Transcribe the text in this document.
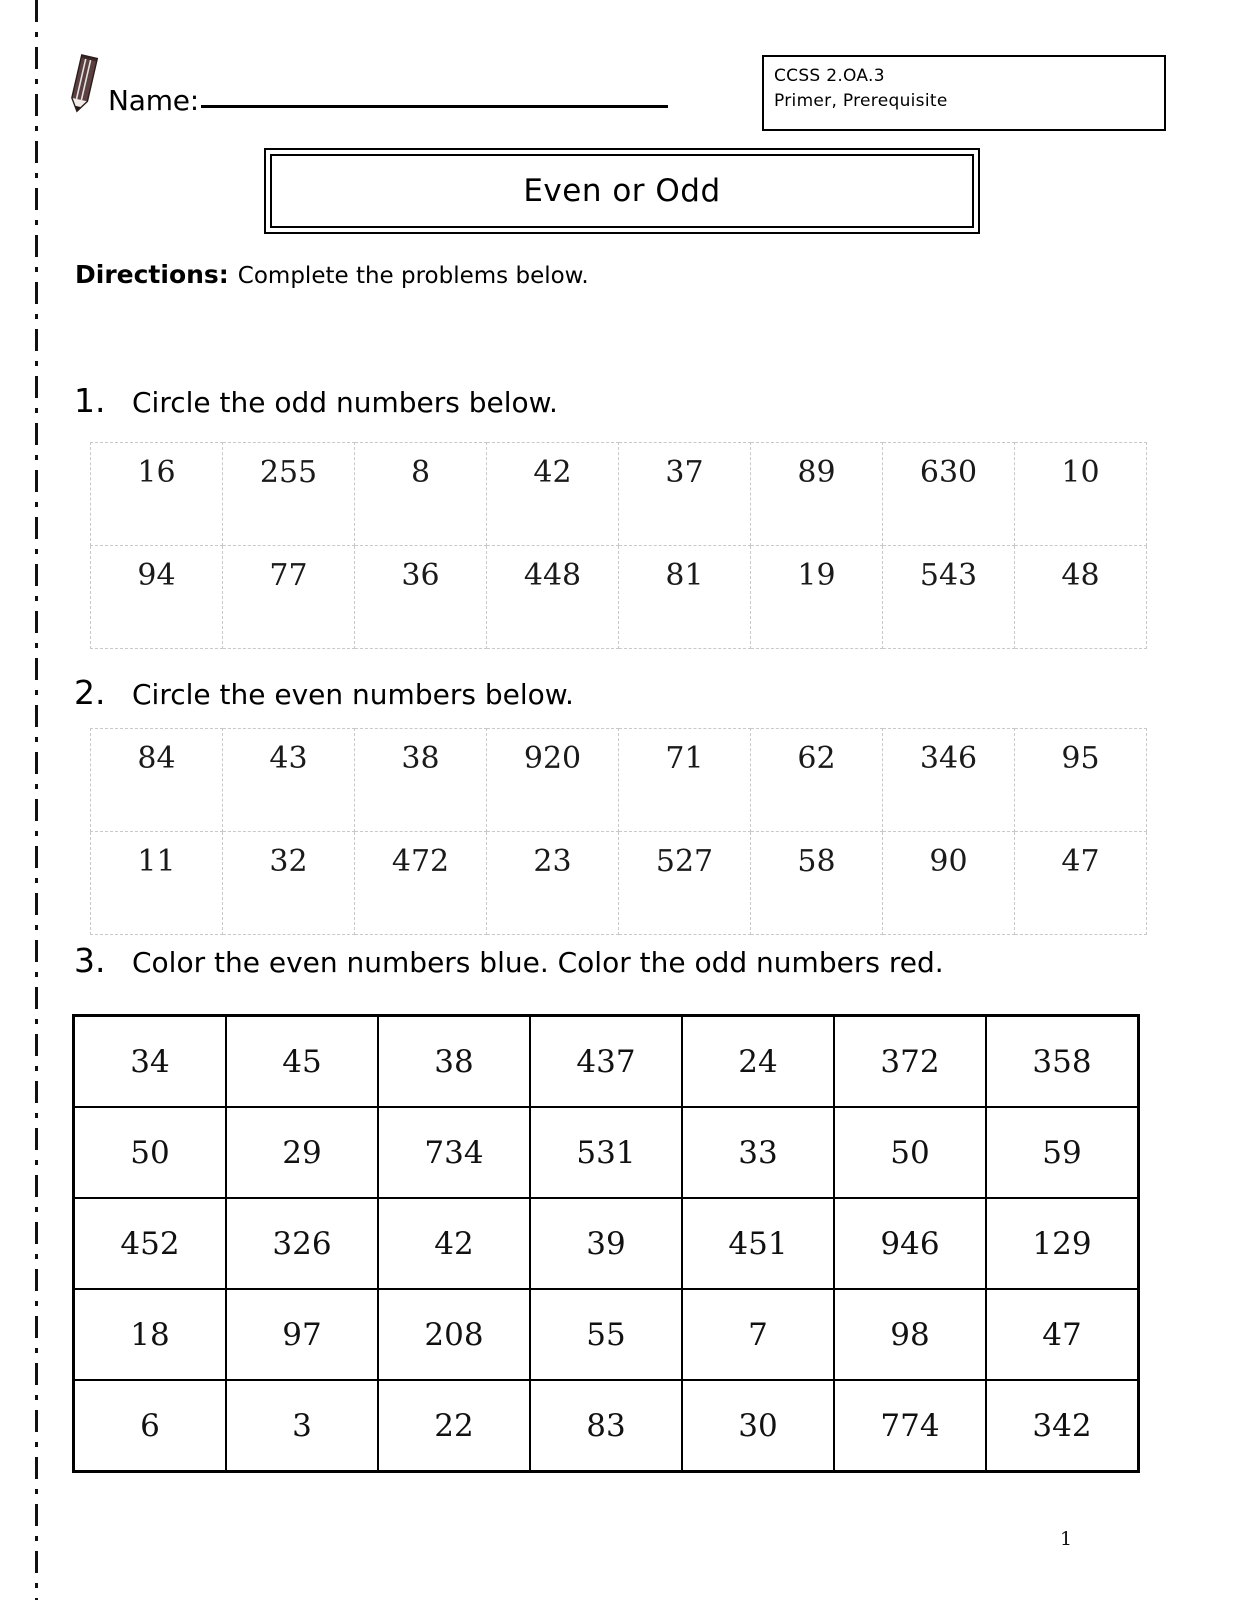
Name:
CCSS 2.OA.3
Primer, Prerequisite
Even or Odd
Directions: Complete the problems below.
1. Circle the odd numbers below.
16	255	8	42	37	89	630	10
94	77	36	448	81	19	543	48
2. Circle the even numbers below.
84	43	38	920	71	62	346	95
11	32	472	23	527	58	90	47
3. Color the even numbers blue. Color the odd numbers red.
34	45	38	437	24	372	358
50	29	734	531	33	50	59
452	326	42	39	451	946	129
18	97	208	55	7	98	47
6	3	22	83	30	774	342
1
